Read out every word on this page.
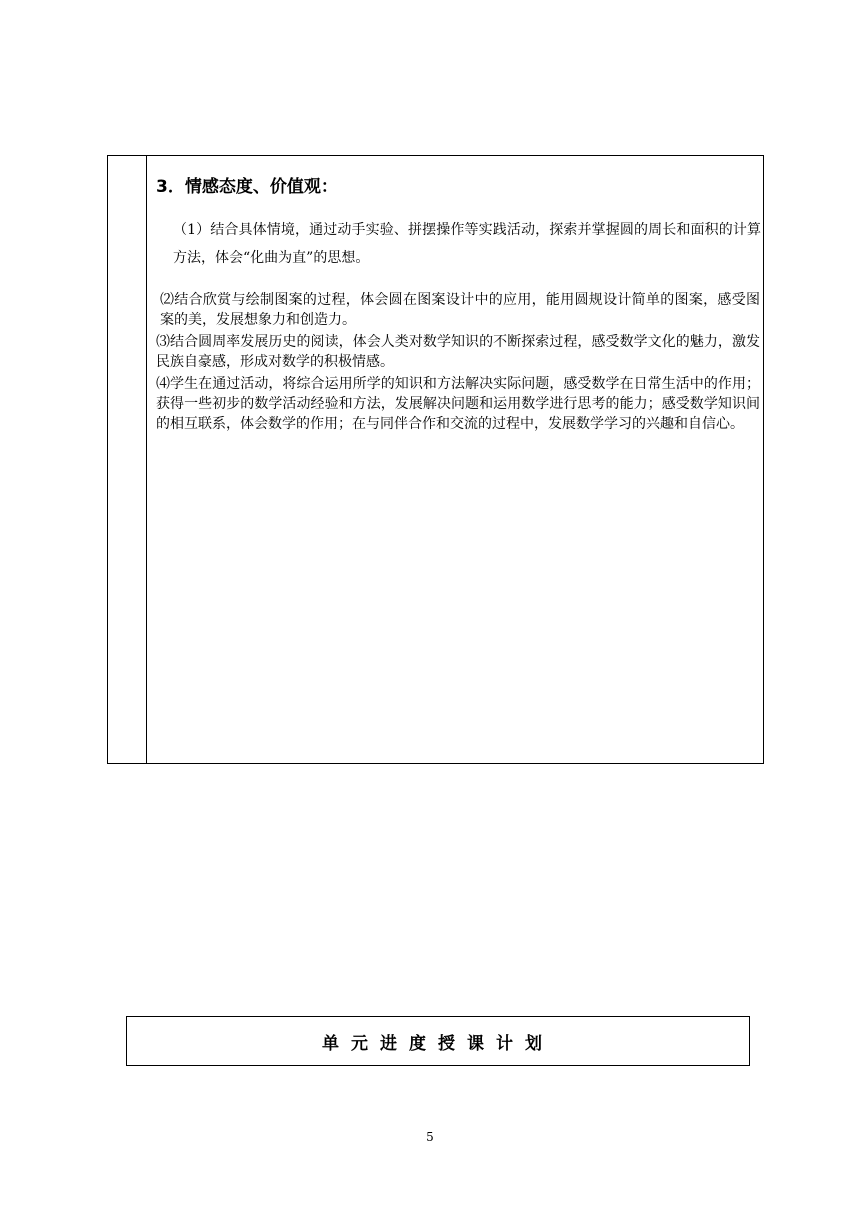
3．情感态度、价值观：
（1）结合具体情境，通过动手实验、拼摆操作等实践活动，探索并掌握圆的周长和面积的计算方法，体会“化曲为直”的思想。
⑵结合欣赏与绘制图案的过程，体会圆在图案设计中的应用，能用圆规设计简单的图案，感受图案的美，发展想象力和创造力。
⑶结合圆周率发展历史的阅读，体会人类对数学知识的不断探索过程，感受数学文化的魅力，激发民族自豪感，形成对数学的积极情感。
⑷学生在通过活动，将综合运用所学的知识和方法解决实际问题，感受数学在日常生活中的作用；获得一些初步的数学活动经验和方法，发展解决问题和运用数学进行思考的能力；感受数学知识间的相互联系，体会数学的作用；在与同伴合作和交流的过程中，发展数学学习的兴趣和自信心。
单元进度授课计划
5
